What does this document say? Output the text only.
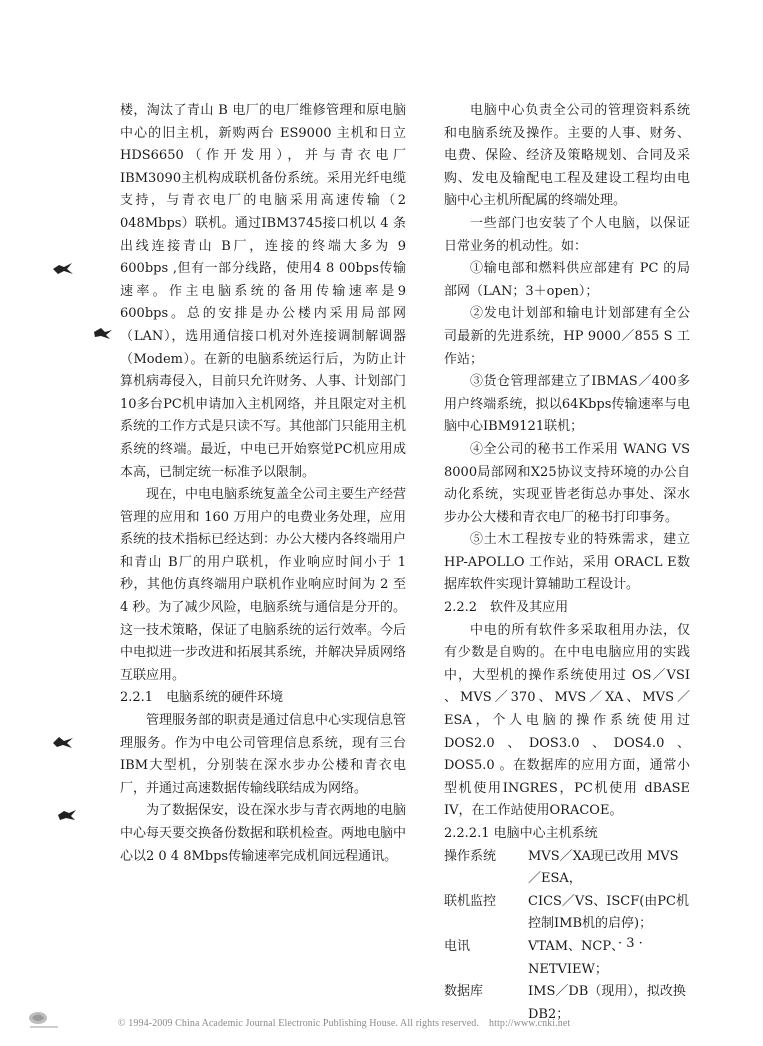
楼，淘汰了青山 B 电厂的电厂维修管理和原电脑中心的旧主机，新购两台 ES9000 主机和日立HDS6650（作开发用），并与青衣电厂IBM3090主机构成联机备份系统。采用光纤电缆支持，与青衣电厂的电脑采用高速传输（2 048Mbps）联机。通过IBM3745接口机以 4 条出线连接青山 B厂，连接的终端大多为 9 600bps ,但有一部分线路，使用4 8 00bps传输速率。作主电脑系统的备用传输速率是9 600bps。总的安排是办公楼内采用局部网（LAN），选用通信接口机对外连接调制解调器（Modem）。在新的电脑系统运行后，为防止计算机病毒侵入，目前只允许财务、人事、计划部门10多台PC机申请加入主机网络，并且限定对主机系统的工作方式是只读不写。其他部门只能用主机系统的终端。最近，中电已开始察觉PC机应用成本高，已制定统一标准予以限制。

现在，中电电脑系统复盖全公司主要生产经营管理的应用和 160 万用户的电费业务处理，应用系统的技术指标已经达到：办公大楼内各终端用户和青山 B厂的用户联机，作业响应时间小于 1 秒，其他仿真终端用户联机作业响应时间为 2 至 4 秒。为了减少风险，电脑系统与通信是分开的。这一技术策略，保证了电脑系统的运行效率。今后中电拟进一步改进和拓展其系统，并解决异质网络互联应用。

2.2.1　电脑系统的硬件环境

管理服务部的职责是通过信息中心实现信息管理服务。作为中电公司管理信息系统，现有三台IBM大型机，分别装在深水步办公楼和青衣电厂，并通过高速数据传输线联结成为网络。

为了数据保安，设在深水步与青衣两地的电脑中心每天要交换备份数据和联机检查。两地电脑中心以2 0 4 8Mbps传输速率完成机间远程通讯。

电脑中心负责全公司的管理资料系统和电脑系统及操作。主要的人事、财务、电费、保险、经济及策略规划、合同及采购、发电及输配电工程及建设工程均由电脑中心主机所配属的终端处理。

一些部门也安装了个人电脑，以保证日常业务的机动性。如：

①输电部和燃料供应部建有 PC 的局部网（LAN；3＋open）；

②发电计划部和输电计划部建有全公司最新的先进系统，HP 9000／855 S 工作站；

③货仓管理部建立了IBMAS／400多用户终端系统，拟以64Kbps传输速率与电脑中心IBM9121联机；

④全公司的秘书工作采用 WANG VS 8000局部网和X25协议支持环境的办公自动化系统，实现亚皆老街总办事处、深水步办公大楼和青衣电厂的秘书打印事务。

⑤土木工程按专业的特殊需求，建立HP-APOLLO 工作站，采用 ORACL E数据库软件实现计算辅助工程设计。

2.2.2　软件及其应用

中电的所有软件多采取租用办法，仅有少数是自购的。在中电电脑应用的实践中，大型机的操作系统使用过 OS／VSI 、MVS／370、MVS／XA、MVS／ESA，个人电脑的操作系统使用过DOS2.0 、DOS3.0 、DOS4.0 、DOS5.0 。在数据库的应用方面，通常小型机使用INGRES，PC机使用 dBASE IV，在工作站使用ORACOE。

2.2.2.1 电脑中心主机系统

操作系统	MVS／XA现已改用 MVS／ESA，
联机监控	CICS／VS、ISCF(由PC机控制IMB机的启停)；
电讯	VTAM、NCP、NETVIEW；
数据库	IMS／DB（现用），拟改换DB2；
· 3 ·
© 1994-2009 China Academic Journal Electronic Publishing House. All rights reserved.　http://www.cnki.net
